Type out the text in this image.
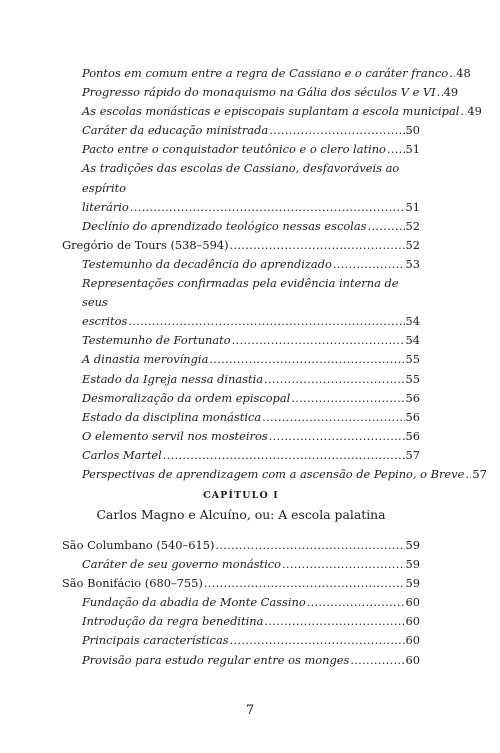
Pontos em comum entre a regra de Cassiano e o caráter franco ..... 48
Progresso rápido do monaquismo na Gália dos séculos V e VI ..... 49
As escolas monásticas e episcopais suplantam a escola municipal ..... 49
Caráter da educação ministrada .....	50
Pacto entre o conquistador teutônico e o clero latino ..... 51
As tradições das escolas de Cassiano, desfavoráveis ao espírito
literário .....	51
Declínio do aprendizado teológico nessas escolas .....	52
Gregório de Tours (538–594) .....	52
Testemunho da decadência do aprendizado .....	53
Representações confirmadas pela evidência interna de seus
escritos .....	54
Testemunho de Fortunato .....	54
A dinastia merovíngia .....	55
Estado da Igreja nessa dinastia .....	55
Desmoralização da ordem episcopal .....	56
Estado da disciplina monástica .....	56
O elemento servil nos mosteiros .....	56
Carlos Martel .....	57
Perspectivas de aprendizagem com a ascensão de Pepino, o Breve ..... 57
CAPÍTULO I
Carlos Magno e Alcuíno, ou: A escola palatina
São Columbano (540–615) .....	59
Caráter de seu governo monástico .....	59
São Bonifácio (680–755) .....	59
Fundação da abadia de Monte Cassino .....	60
Introdução da regra beneditina .....	60
Principais características .....	60
Provisão para estudo regular entre os monges .....	60
7
